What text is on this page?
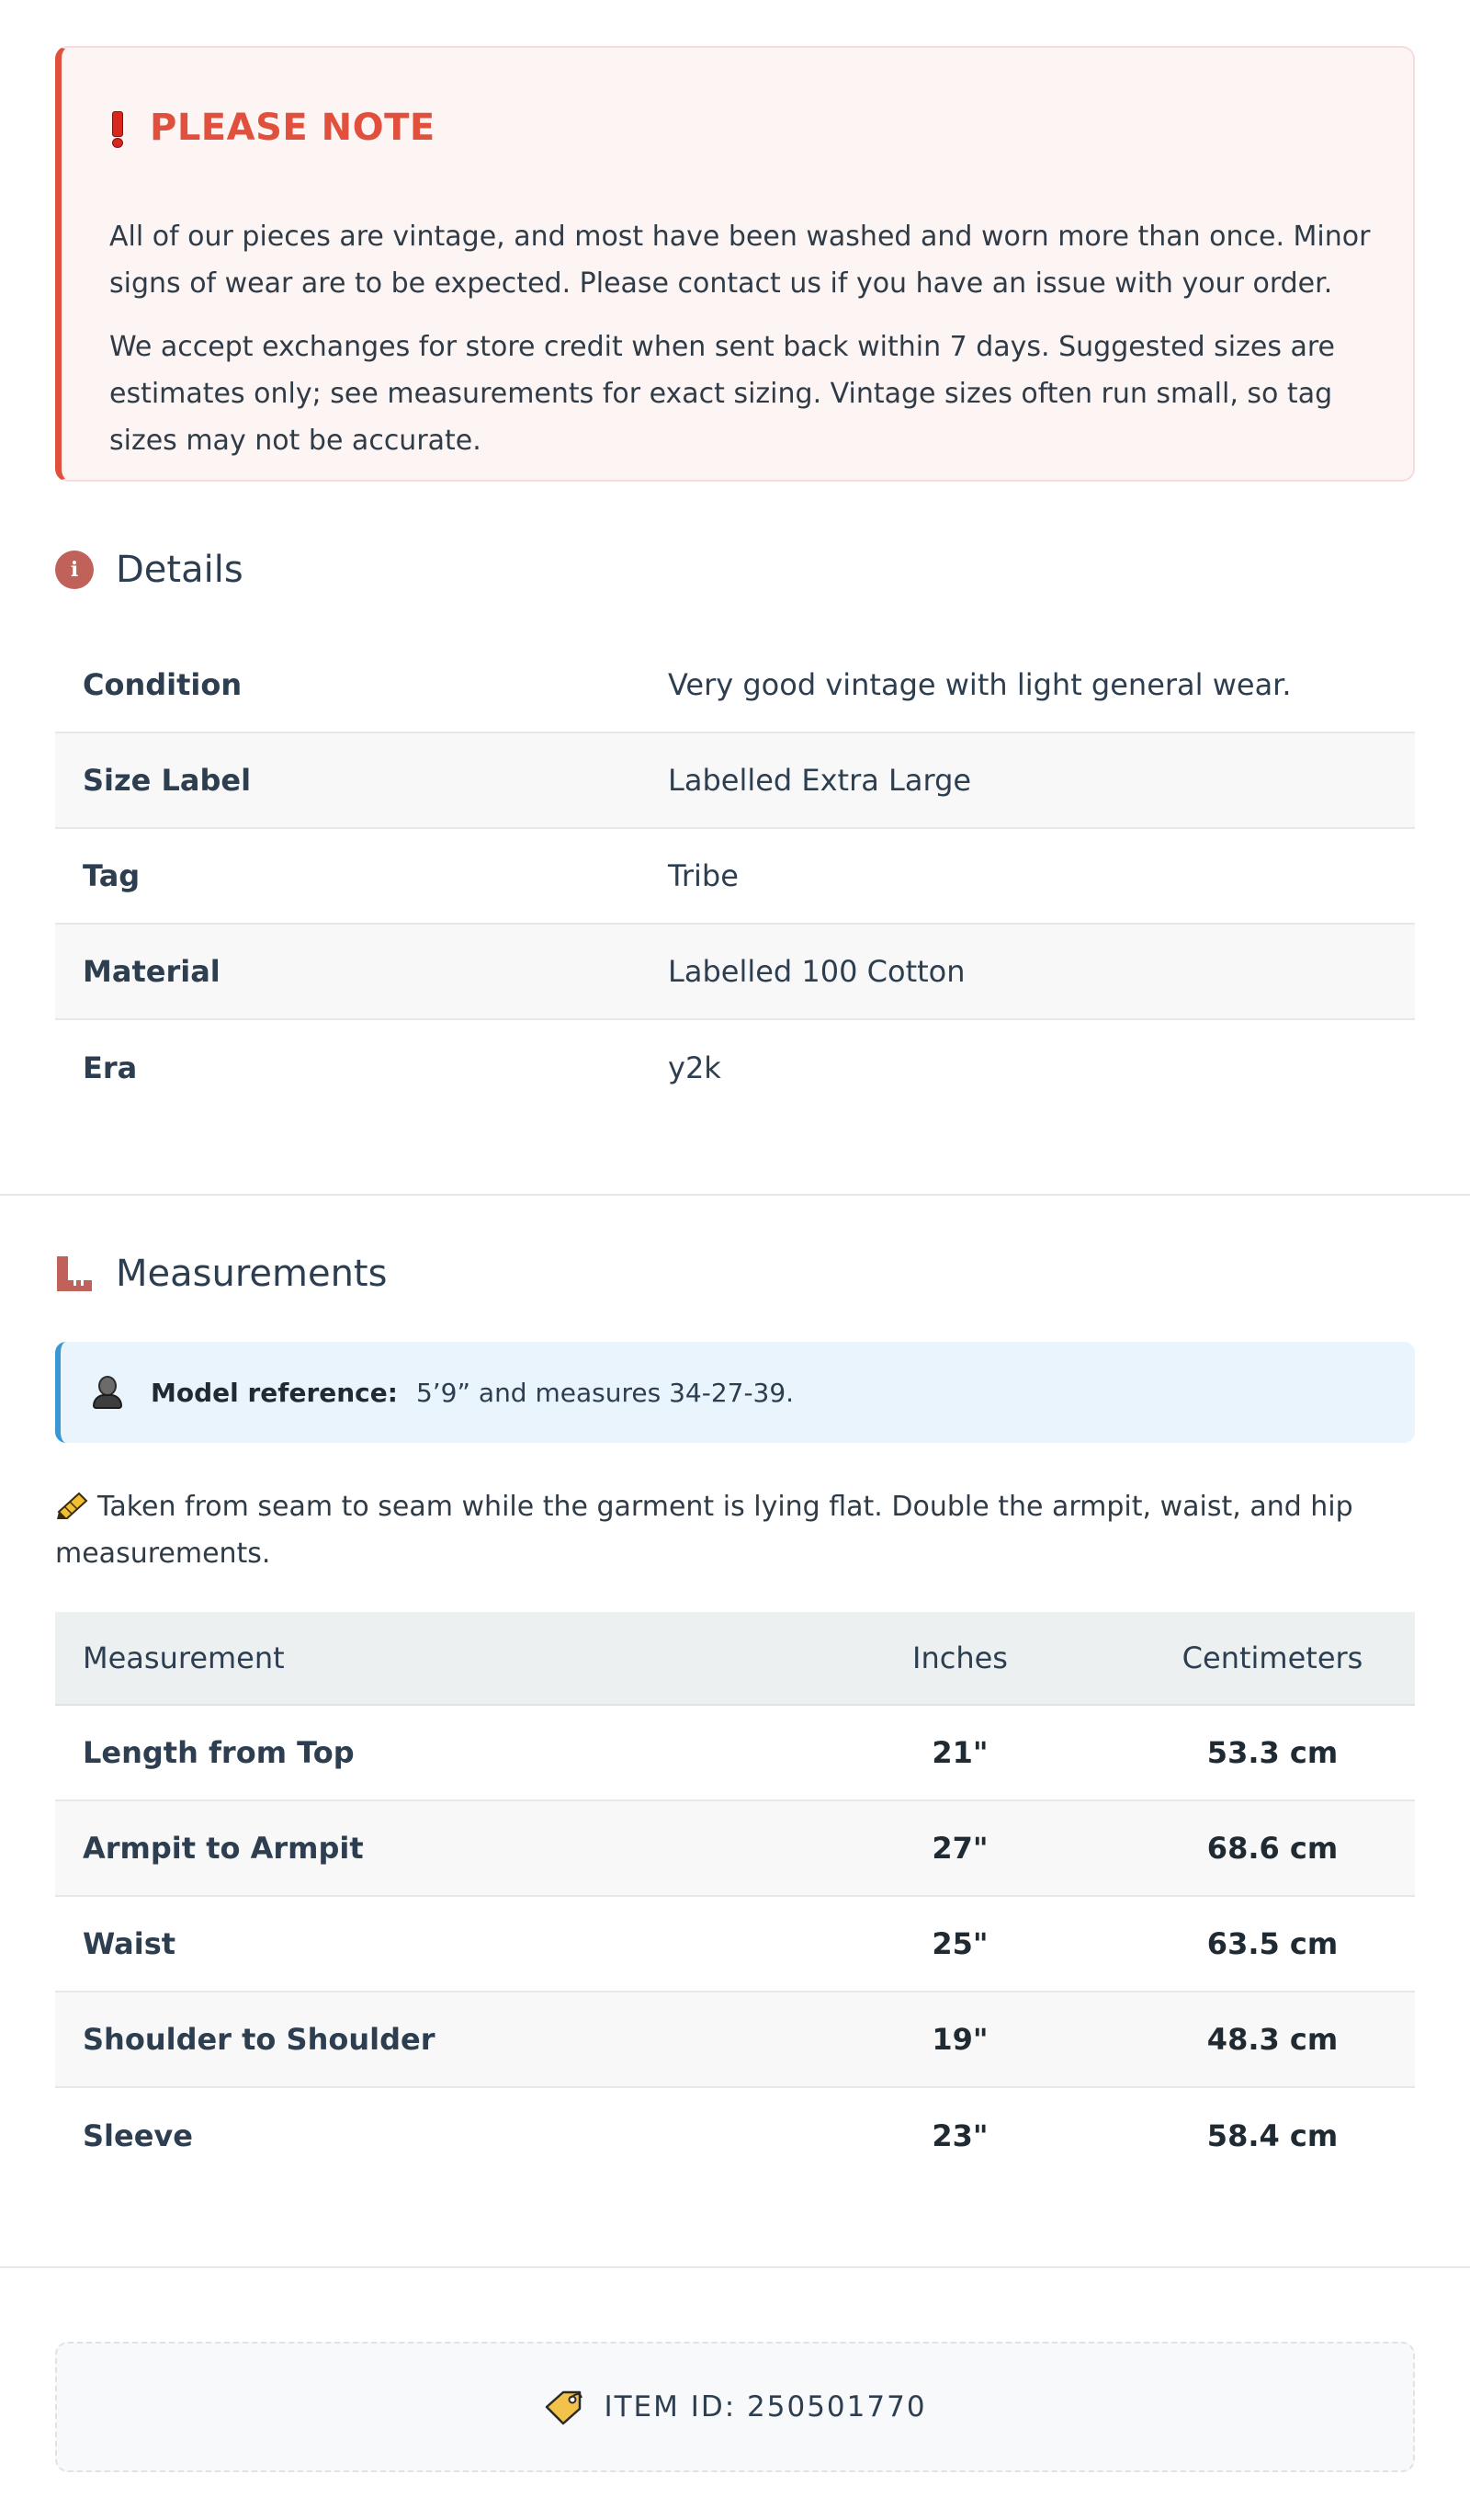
PLEASE NOTE

All of our pieces are vintage, and most have been washed and worn more than once. Minor signs of wear are to be expected. Please contact us if you have an issue with your order.

We accept exchanges for store credit when sent back within 7 days. Suggested sizes are estimates only; see measurements for exact sizing. Vintage sizes often run small, so tag sizes may not be accurate.

i	Details
Condition	Very good vintage with light general wear.
Size Label	Labelled Extra Large
Tag	Tribe
Material	Labelled 100 Cotton
Era	y2k
Measurements
Model reference: 5’9” and measures 34-27-39.

Taken from seam to seam while the garment is lying flat. Double the armpit, waist, and hip measurements.

Measurement	Inches	Centimeters
Length from Top	21"	53.3 cm
Armpit to Armpit	27"	68.6 cm
Waist	25"	63.5 cm
Shoulder to Shoulder	19"	48.3 cm
Sleeve	23"	58.4 cm
ITEM ID: 250501770
